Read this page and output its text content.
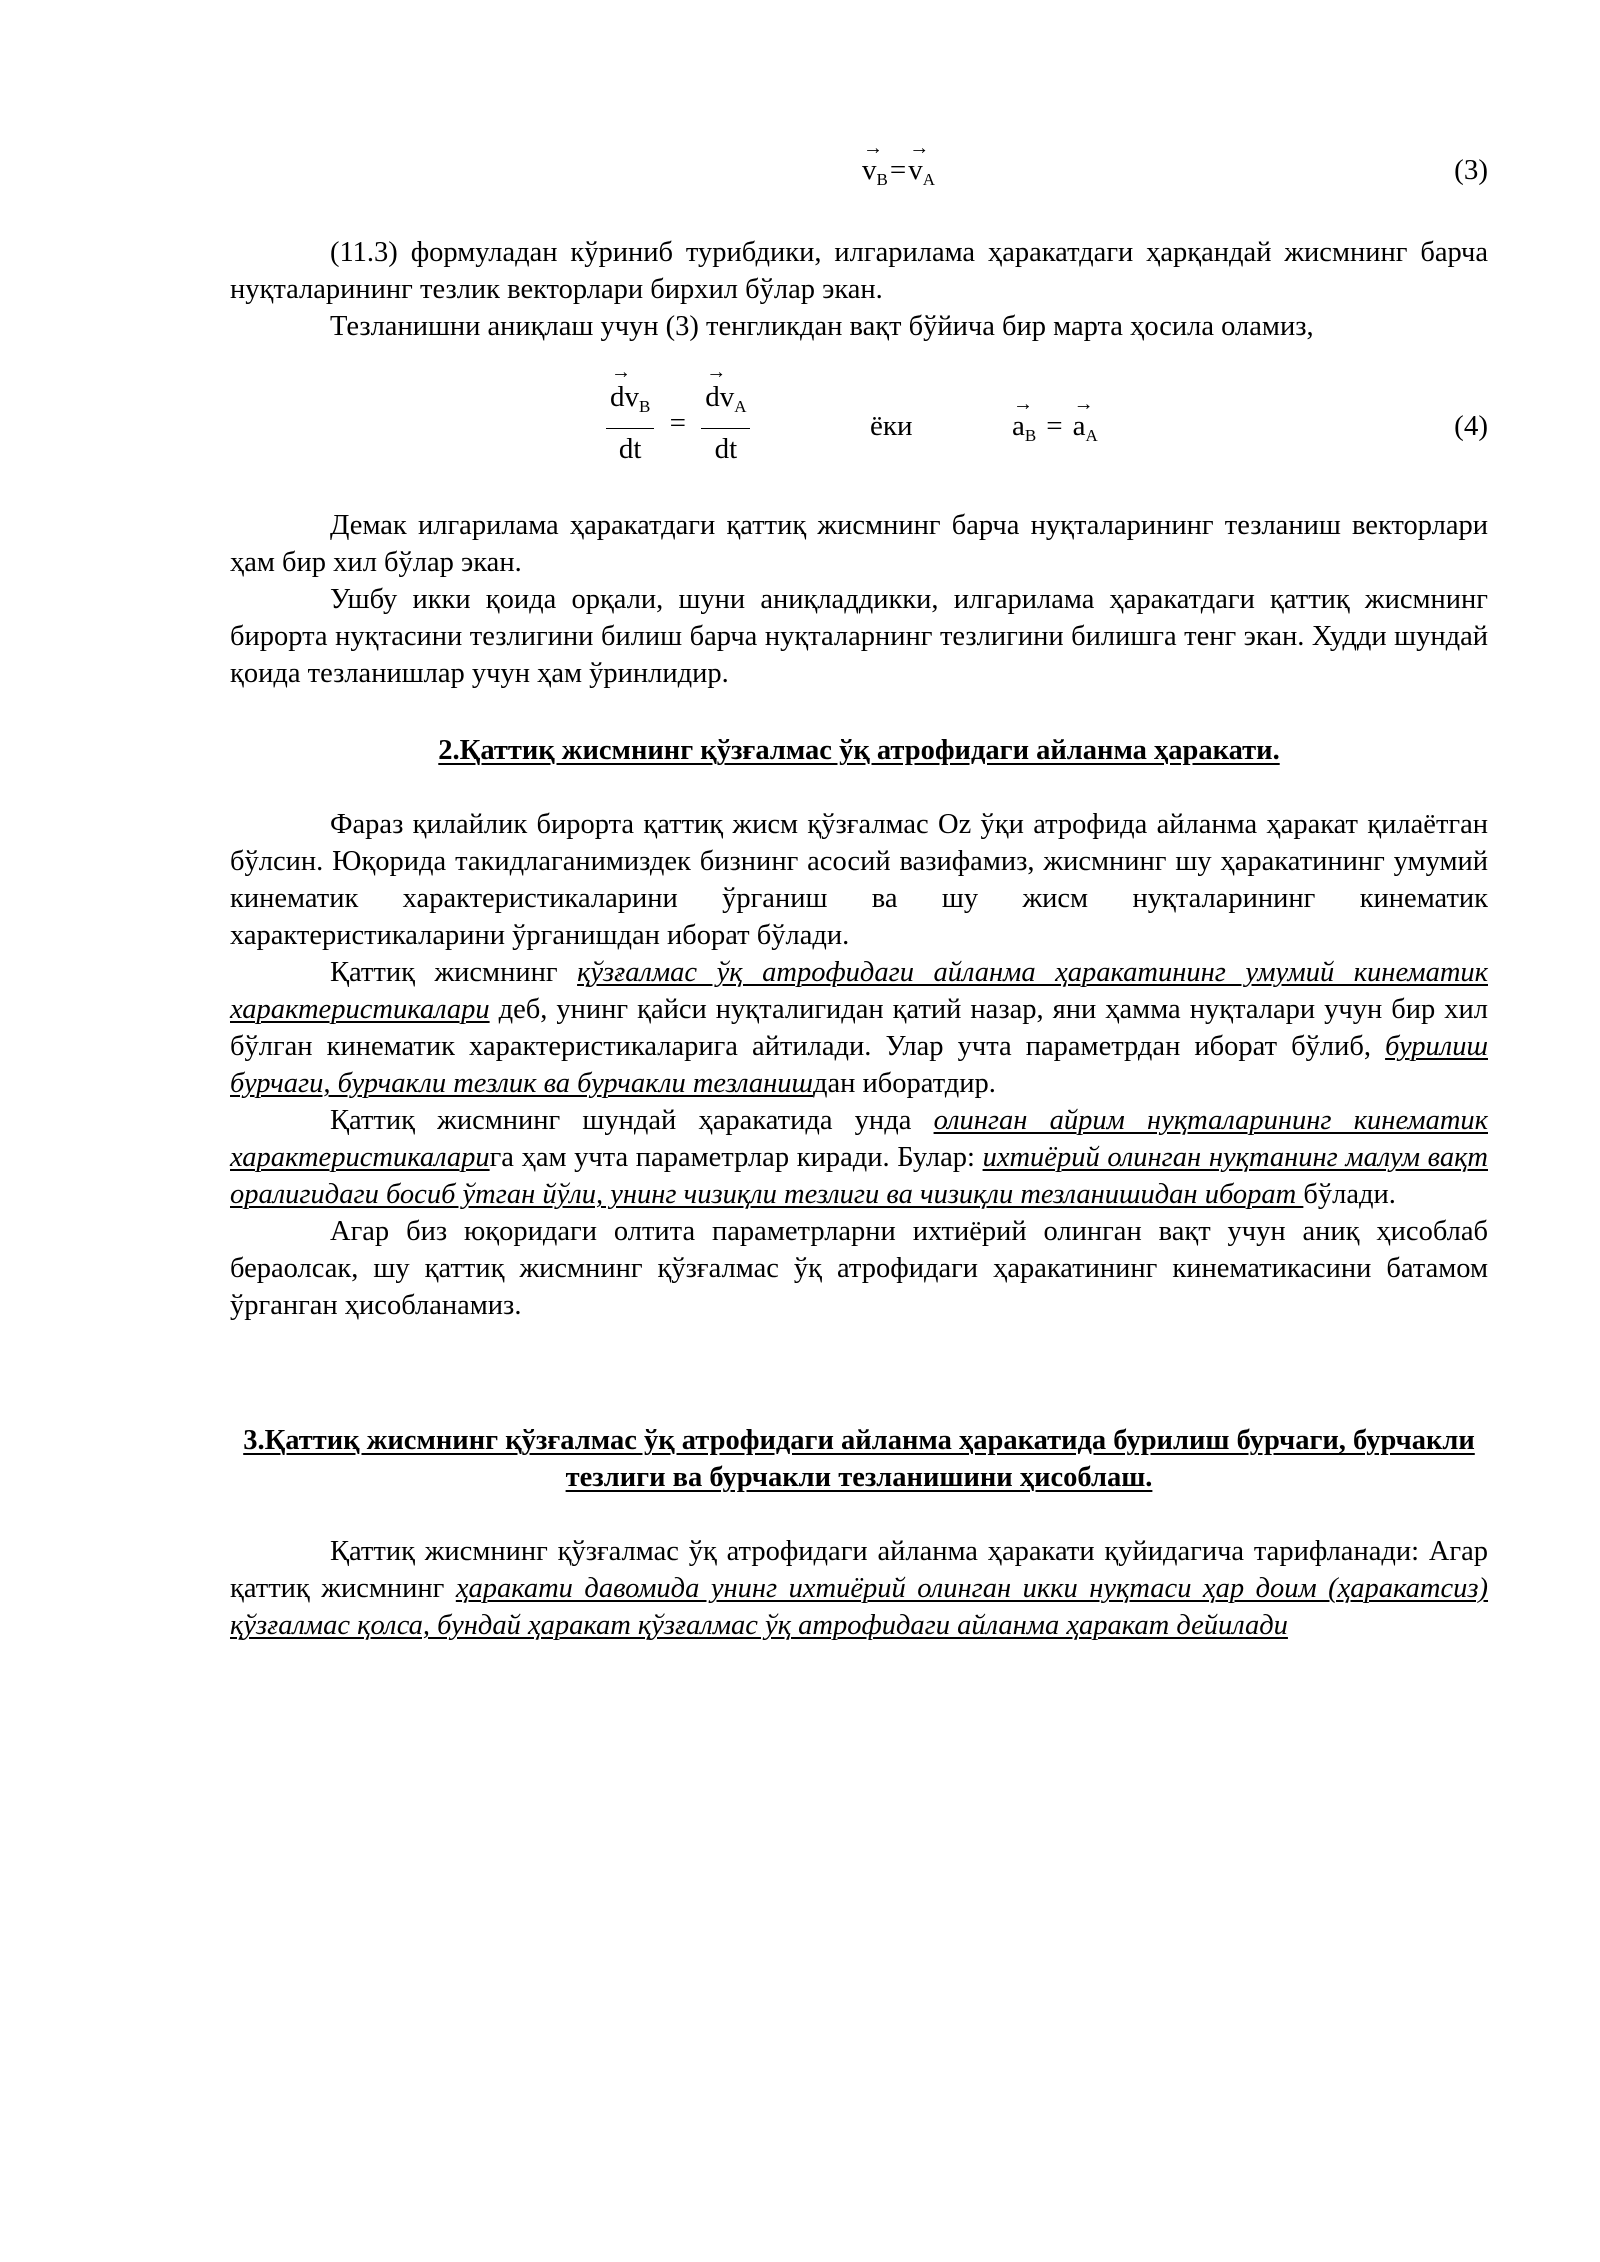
→ $v_B=\to v_A$	(3)

(11.3) формуладан кўриниб турибдики, илгарилама ҳаракатдаги ҳарқандай жисмнинг барча нуқталарининг тезлик векторлари бирхил бўлар экан.

Тезланишни аниқлаш учун (3) тенгликдан вақт бўйича бир марта ҳосила оламиз,

→ $\frac{dv_B}{dt}$ =
→ $\frac{dv_A}{dt}$	ёки
→	$a_B =\to a_A$	(4)

Демак илгарилама ҳаракатдаги қаттиқ жисмнинг барча нуқталарининг тезланиш векторлари ҳам бир хил бўлар экан.

Ушбу икки қоида орқали, шуни аниқладдикки, илгарилама ҳаракатдаги қаттиқ жисмнинг бирорта нуқтасини тезлигини билиш барча нуқталарнинг тезлигини билишга тенг экан. Худди шундай қоида тезланишлар учун ҳам ўринлидир.

2.Қаттиқ жисмнинг қўзғалмас ўқ атрофидаги айланма ҳаракати.

Фараз қилайлик бирорта қаттиқ жисм қўзғалмас Oz ўқи атрофида айланма ҳаракат қилаётган бўлсин. Юқорида такидлаганимиздек бизнинг асосий вазифамиз, жисмнинг шу ҳаракатининг умумий кинематик характеристикаларини ўрганиш ва шу жисм нуқталарининг кинематик характеристикаларини ўрганишдан иборат бўлади.

Қаттиқ жисмнинг қўзғалмас ўқ атрофидаги айланма ҳаракатининг умумий кинематик характеристикалари деб, унинг қайси нуқталигидан қатий назар, яни ҳамма нуқталари учун бир хил бўлган кинематик характеристикаларига айтилади. Улар учта параметрдан иборат бўлиб, бурилиш бурчаги, бурчакли тезлик ва бурчакли тезланишдан иборатдир.

Қаттиқ жисмнинг шундай ҳаракатида унда олинган айрим нуқталарининг кинематик характеристикаларига ҳам учта параметрлар киради. Булар: ихтиёрий олинган нуқтанинг малум вақт оралигидаги босиб ўтган йўли, унинг чизиқли тезлиги ва чизиқли тезланишидан иборат бўлади.

Агар биз юқоридаги олтита параметрларни ихтиёрий олинган вақт учун аниқ ҳисоблаб бераолсак, шу қаттиқ жисмнинг қўзғалмас ўқ атрофидаги ҳаракатининг кинематикасини батамом ўрганган ҳисобланамиз.

3.Қаттиқ жисмнинг қўзғалмас ўқ атрофидаги айланма ҳаракатида бурилиш бурчаги, бурчакли тезлиги ва бурчакли тезланишини ҳисоблаш.

Қаттиқ жисмнинг қўзғалмас ўқ атрофидаги айланма ҳаракати қуйидагича тарифланади: Агар қаттиқ жисмнинг ҳаракати давомида унинг ихтиёрий олинган икки нуқтаси ҳар доим (ҳаракатсиз) қўзғалмас қолса, бундай ҳаракат қўзғалмас ўқ атрофидаги айланма ҳаракат дейилади
